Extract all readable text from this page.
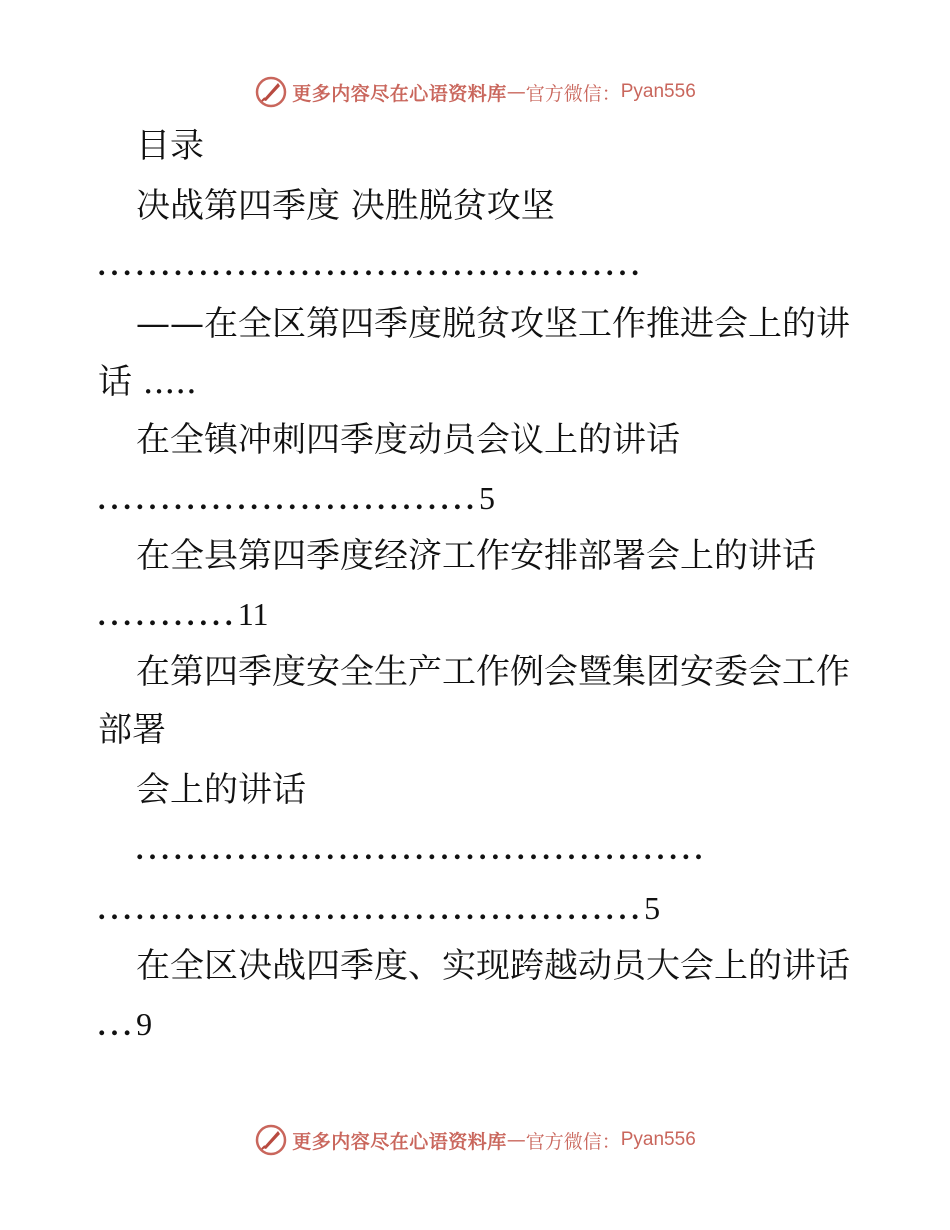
更多内容尽在心语资料库 — 官方微信： Pyan556
目录
决战第四季度 决胜脱贫攻坚
...........................................
——在全区第四季度脱贫攻坚工作推进会上的讲
话 .....
在全镇冲刺四季度动员会议上的讲话
..............................5
在全县第四季度经济工作安排部署会上的讲话
...........11
在第四季度安全生产工作例会暨集团安委会工作
部署
会上的讲话
.............................................
...........................................5
在全区决战四季度、实现跨越动员大会上的讲话
...9
更多内容尽在心语资料库 — 官方微信： Pyan556
